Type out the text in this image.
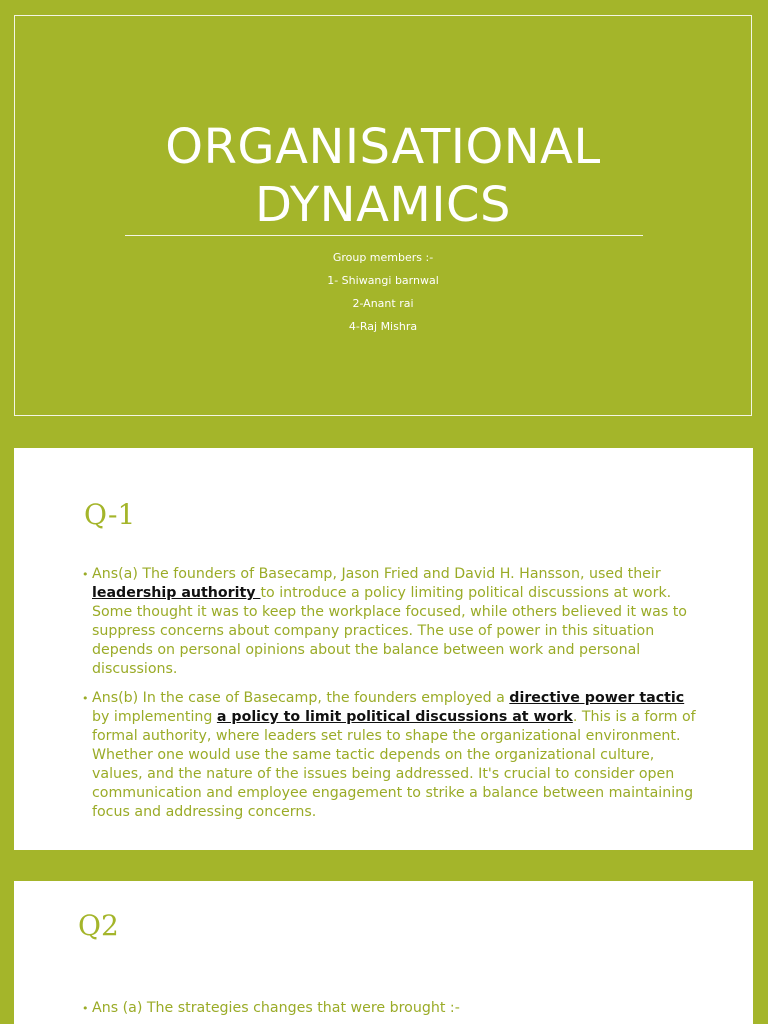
ORGANISATIONAL
DYNAMICS
Group members :-
1- Shiwangi barnwal
2-Anant rai
4-Raj Mishra
Q-1
• Ans(a) The founders of Basecamp, Jason Fried and David H. Hansson, used their leadership authority to introduce a policy limiting political discussions at work. Some thought it was to keep the workplace focused, while others believed it was to suppress concerns about company practices. The use of power in this situation depends on personal opinions about the balance between work and personal discussions.
• Ans(b) In the case of Basecamp, the founders employed a directive power tactic by implementing a policy to limit political discussions at work. This is a form of formal authority, where leaders set rules to shape the organizational environment. Whether one would use the same tactic depends on the organizational culture, values, and the nature of the issues being addressed. It's crucial to consider open communication and employee engagement to strike a balance between maintaining focus and addressing concerns.
Q2
• Ans (a) The strategies changes that were brought :-
